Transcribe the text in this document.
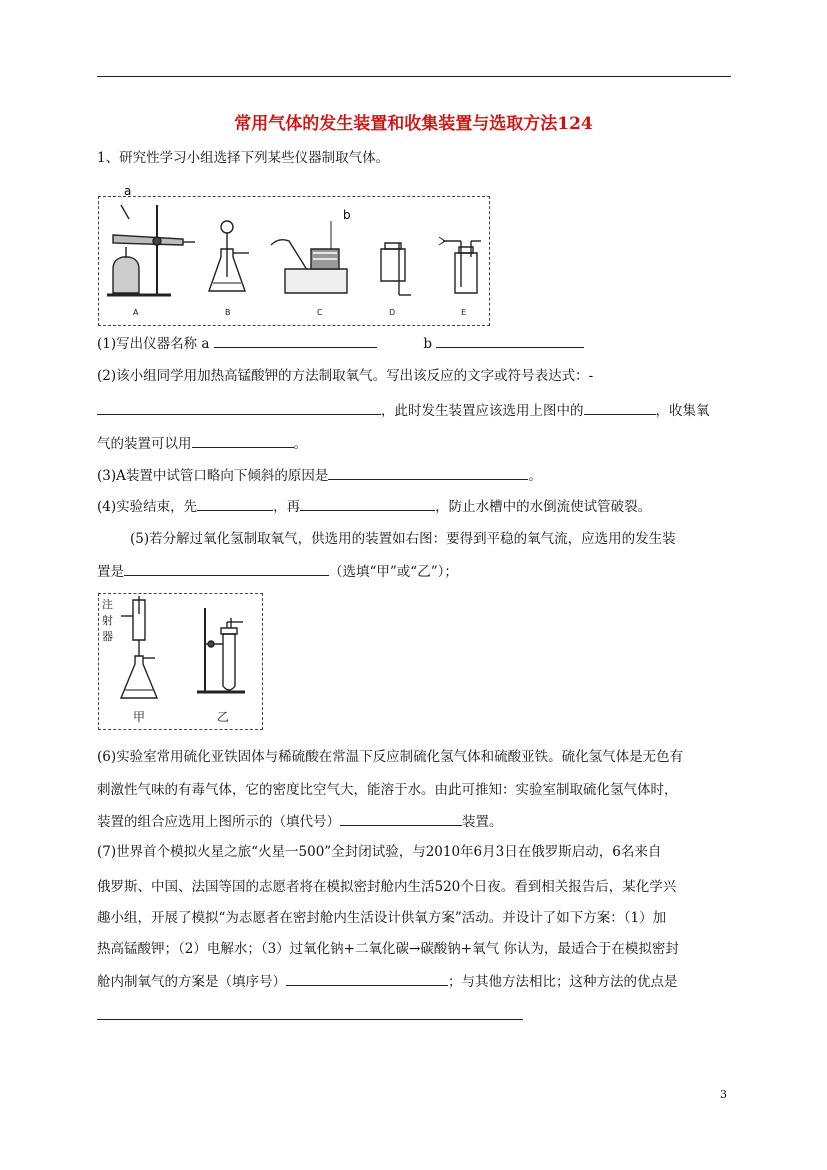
常用气体的发生装置和收集装置与选取方法124
1、研究性学习小组选择下列某些仪器制取气体。
a
b
A	B	C	D	E
(1)写出仪器名称 a	b
(2)该小组同学用加热高锰酸钾的方法制取氧气。写出该反应的文字或符号表达式：-
，此时发生装置应该选用上图中的	，收集氧
气的装置可以用	。
(3)A装置中试管口略向下倾斜的原因是	。
(4)实验结束，先	，再	，防止水槽中的水倒流使试管破裂。
(5)若分解过氧化氢制取氧气，供选用的装置如右图：要得到平稳的氧气流，应选用的发生装
置是	（选填“甲”或“乙”）；
注
射
器
甲	乙
(6)实验室常用硫化亚铁固体与稀硫酸在常温下反应制硫化氢气体和硫酸亚铁。硫化氢气体是无色有
刺激性气味的有毒气体，它的密度比空气大，能溶于水。由此可推知：实验室制取硫化氢气体时，
装置的组合应选用上图所示的（填代号）	装置。
(7)世界首个模拟火星之旅“火星一500”全封闭试验，与2010年6月3日在俄罗斯启动，6名来自
俄罗斯、中国、法国等国的志愿者将在模拟密封舱内生活520个日夜。看到相关报告后，某化学兴
趣小组，开展了模拟“为志愿者在密封舱内生活设计供氧方案”活动。并设计了如下方案：（1）加
热高锰酸钾；（2）电解水；（3）过氧化钠+二氧化碳→碳酸钠+氧气 你认为，最适合于在模拟密封
舱内制氧气的方案是（填序号）	；与其他方法相比；这种方法的优点是
3
